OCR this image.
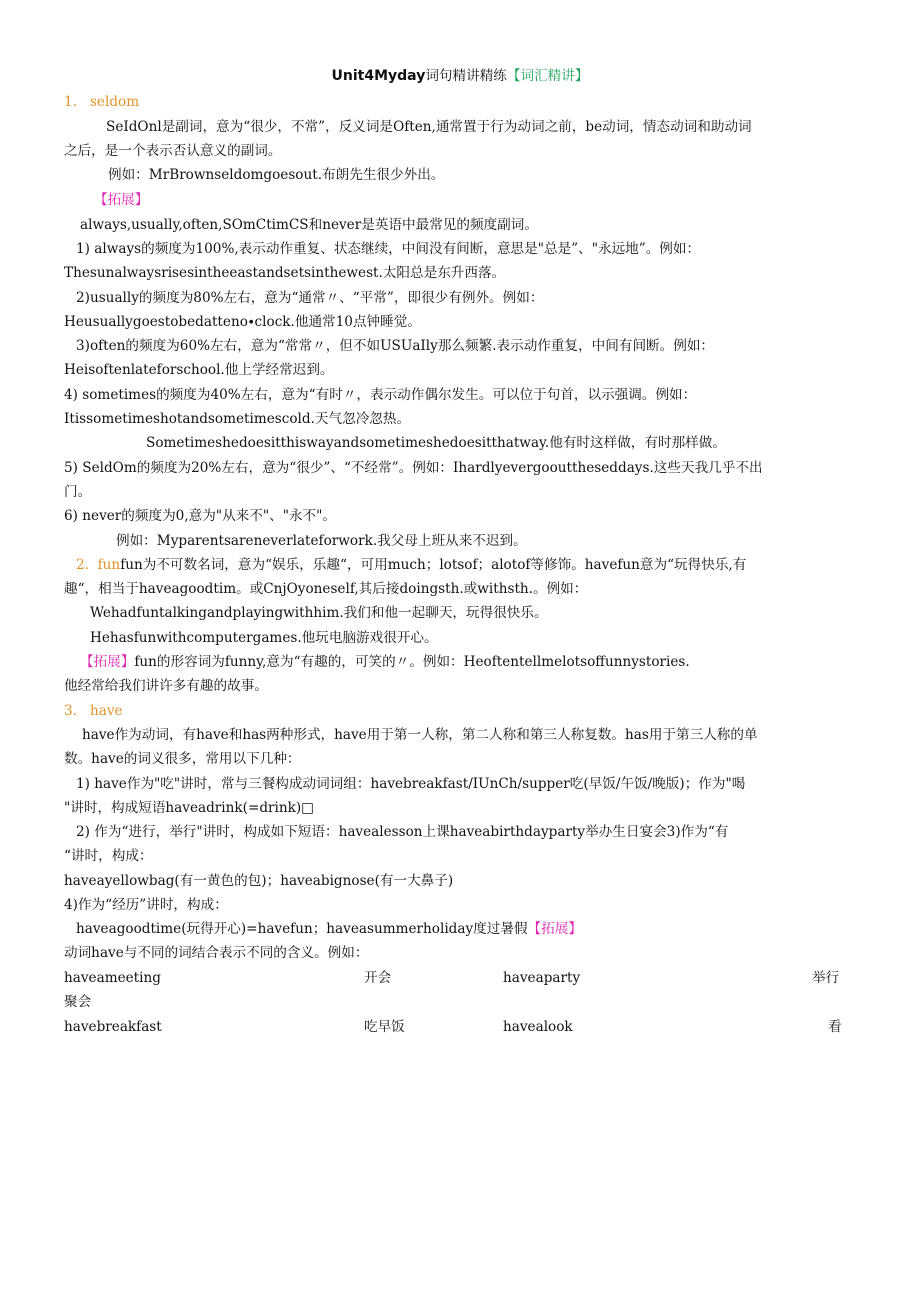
Unit4Myday词句精讲精练【词汇精讲】
1. seldom
SeIdOnl是副词，意为“很少，不常”，反义词是Often,通常置于行为动词之前，be动词，情态动词和助动词
之后，是一个表示否认意义的副词。
例如：MrBrownseldomgoesout.布朗先生很少外出。
【拓展】
always,usually,often,SOmCtimCS和never是英语中最常见的频度副词。
1) always的频度为100%,表示动作重复、状态继续，中间没有间断，意思是"总是”、"永远地”。例如：
Thesunalwaysrisesintheeastandsetsinthewest.太阳总是东升西落。
2)usually的频度为80%左右，意为“通常〃、“平常”，即很少有例外。例如：
Heusuallygoestobedatteno∙clock.他通常10点钟睡觉。
3)often的频度为60%左右，意为“常常〃，但不如USUaIly那么频繁.表示动作重复，中间有间断。例如：
Heisoftenlateforschool.他上学经常迟到。
4) sometimes的频度为40%左右，意为“有时〃，表示动作偶尔发生。可以位于句首，以示强调。例如：
Itissometimeshotandsometimescold.天气忽冷忽热。
Sometimeshedoesitthiswayandsometimeshedoesitthatway.他有时这样做，有时那样做。
5) SeldOm的频度为20%左右，意为“很少”、“不经常”。例如：Ihardlyevergoouttheseddays.这些天我几乎不出
门。
6) never的频度为0,意为"从来不"、"永不"。
例如：Myparentsareneverlateforwork.我父母上班从来不迟到。
2. funfun为不可数名词，意为“娱乐，乐趣“，可用much；lotsof；alotof等修饰。havefun意为“玩得快乐,有
趣“，相当于haveagoodtim。或CnjOyoneself,其后接doingsth.或withsth.。例如：
Wehadfuntalkingandplayingwithhim.我们和他一起聊天，玩得很快乐。
Hehasfunwithcomputergames.他玩电脑游戏很开心。
【拓展】fun的形容词为funny,意为“有趣的，可笑的〃。例如：Heoftentellmelotsoffunnystories.
他经常给我们讲许多有趣的故事。
3. have
have作为动词，有have和has两种形式，have用于第一人称，第二人称和第三人称复数。has用于第三人称的单
数。have的词义很多，常用以下几种：
1) have作为"吃"讲时，常与三餐构成动词词组：havebreakfast/IUnCh/supper吃(早饭/午饭/晚版)；作为"喝
"讲时，构成短语haveadrink(=drink)□
2) 作为“进行，举行"讲时，构成如下短语：havealesson上课haveabirthdayparty举办生日宴会3)作为“有
“讲时，构成：
haveayellowbag(有一黄色的包)；haveabignose(有一大鼻子)
4)作为“经历”讲时，构成：
haveagoodtime(玩得开心)=havefun；haveasummerholiday度过暑假【拓展】
动词have与不同的词结合表示不同的含义。例如：
haveameeting	开会	haveaparty	举行
聚会
havebreakfast	吃早饭	havealook	看
